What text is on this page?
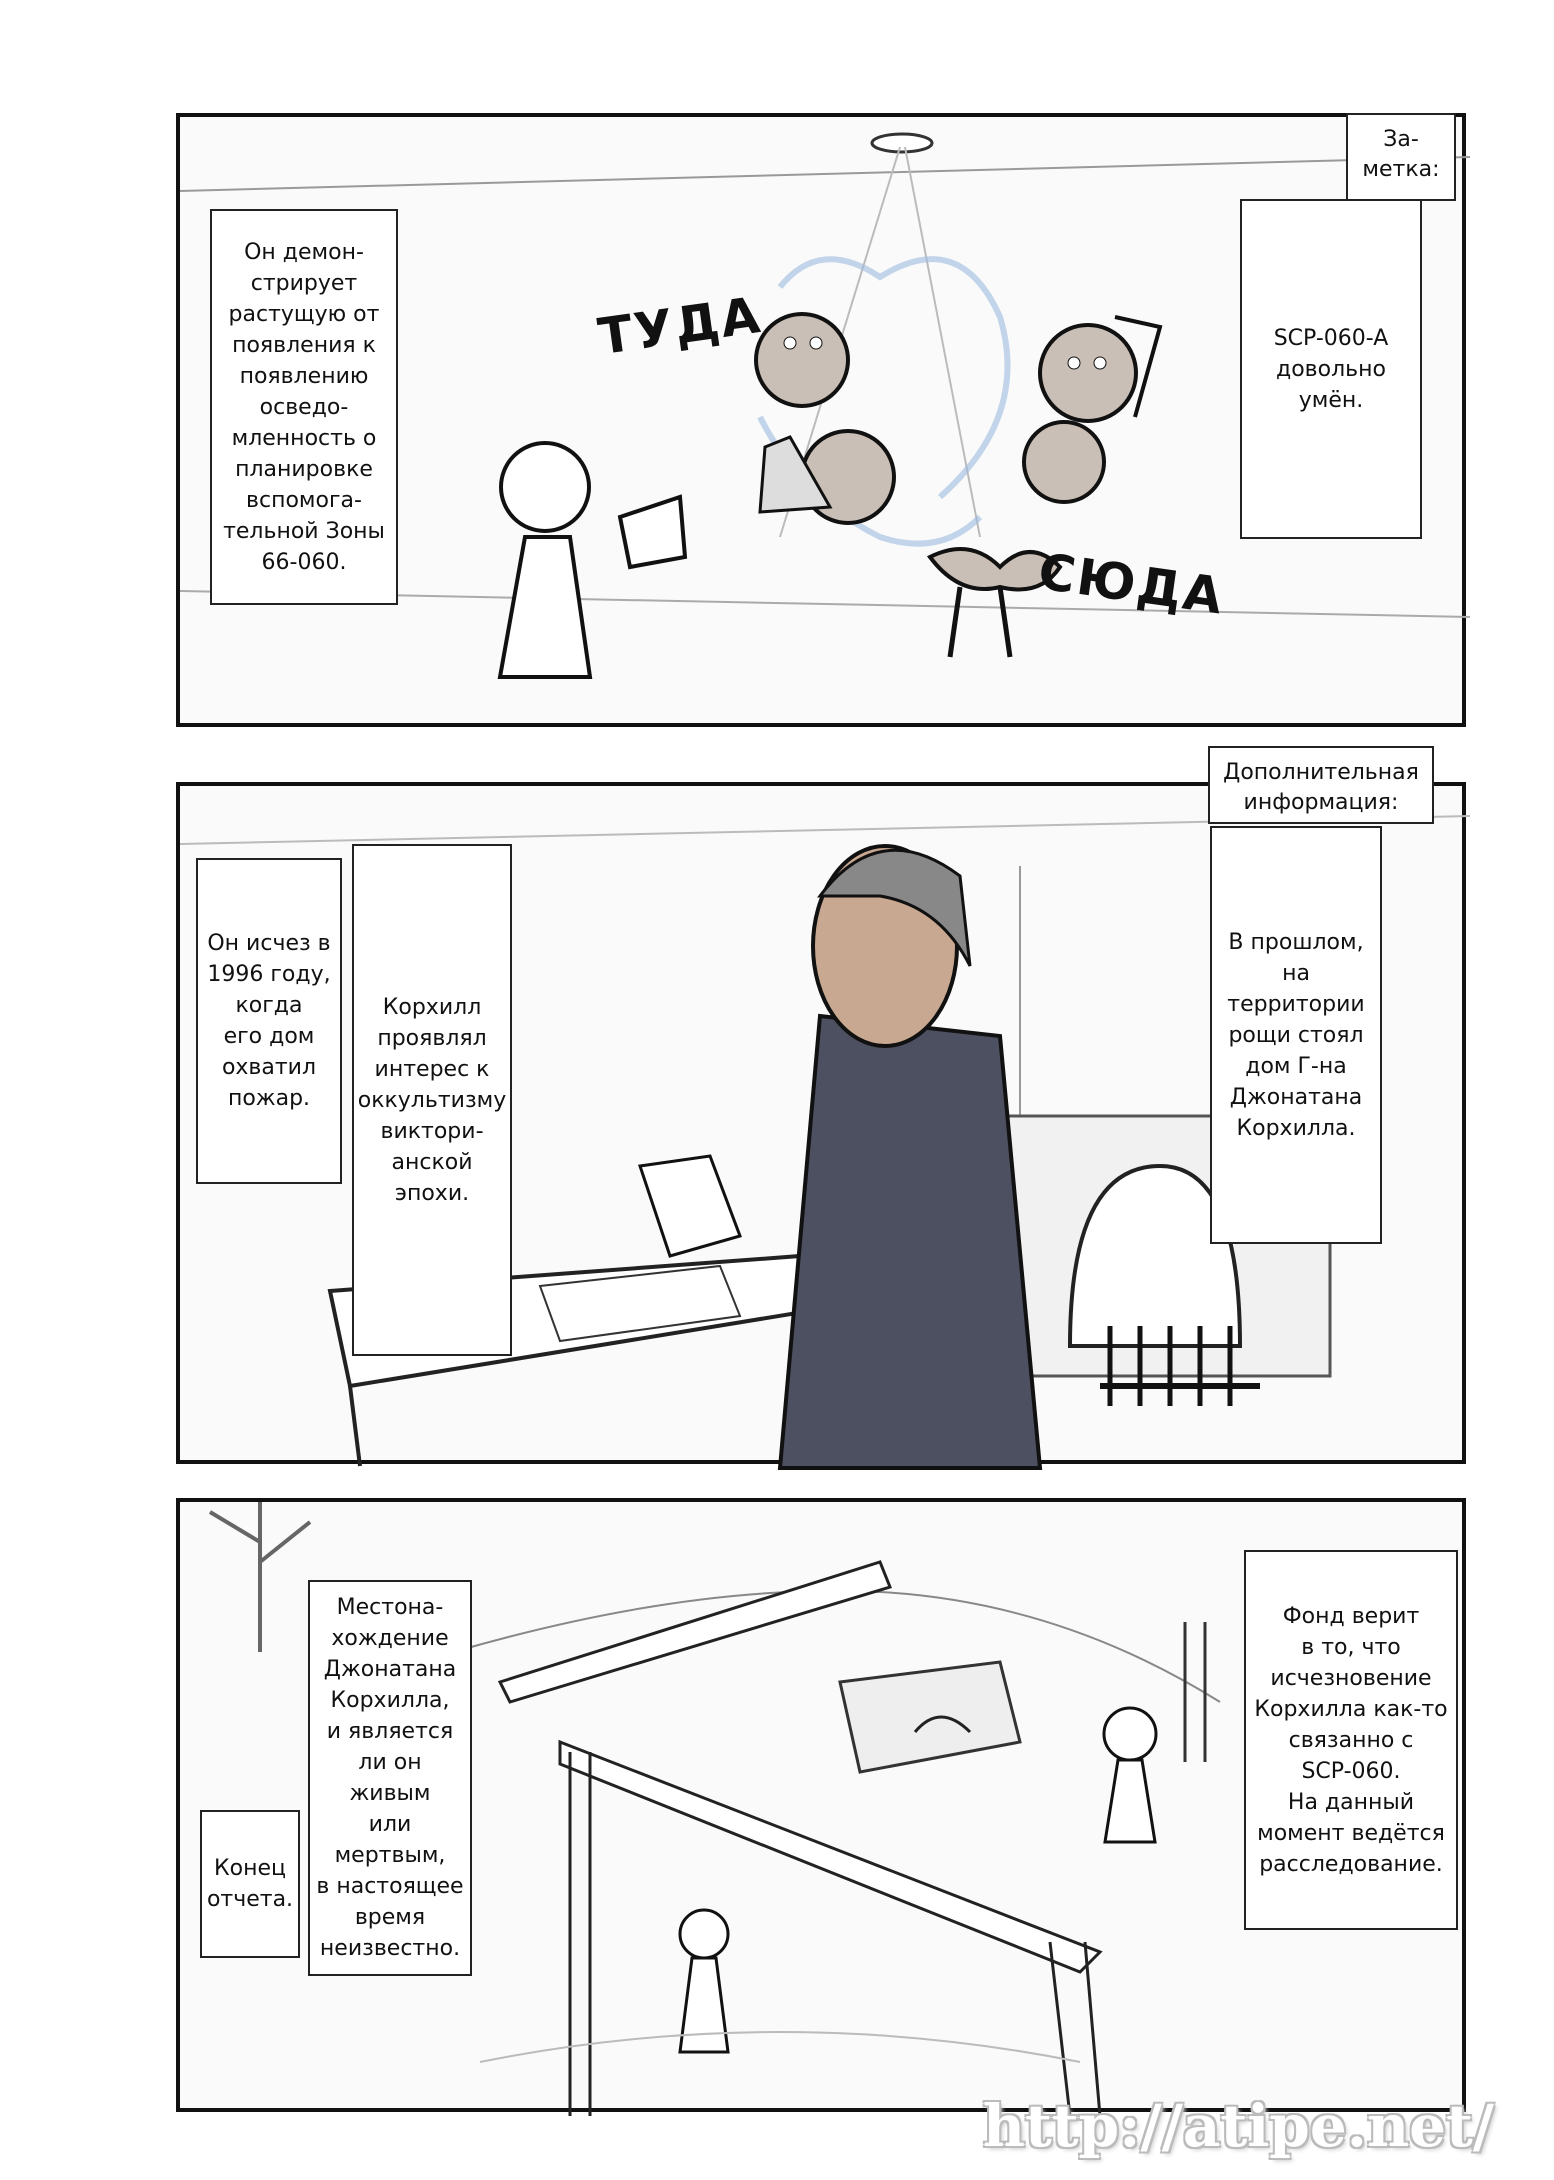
За-
метка:
Он демон-
стрирует
растущую от
появления к
появлению
осведо-
мленность о
планировке
вспомога-
тельной Зоны
66-060.
SCP-060-A
довольно
умён.
ТУДА
СЮДА
Дополнительная
информация:
Он исчез в
1996 году,
когда
его дом
охватил
пожар.
Корхилл
проявлял
интерес к
оккультизму
виктори-
анской
эпохи.
В прошлом,
на территории
рощи стоял
дом Г-на
Джонатана
Корхилла.
Местона-
хождение
Джонатана
Корхилла,
и является
ли он живым
или мертвым,
в настоящее
время
неизвестно.
Конец
отчета.
Фонд верит
в то, что
исчезновение
Корхилла как-то
связанно с
SCP-060.
На данный
момент ведётся
расследование.
http://atipe.net/
